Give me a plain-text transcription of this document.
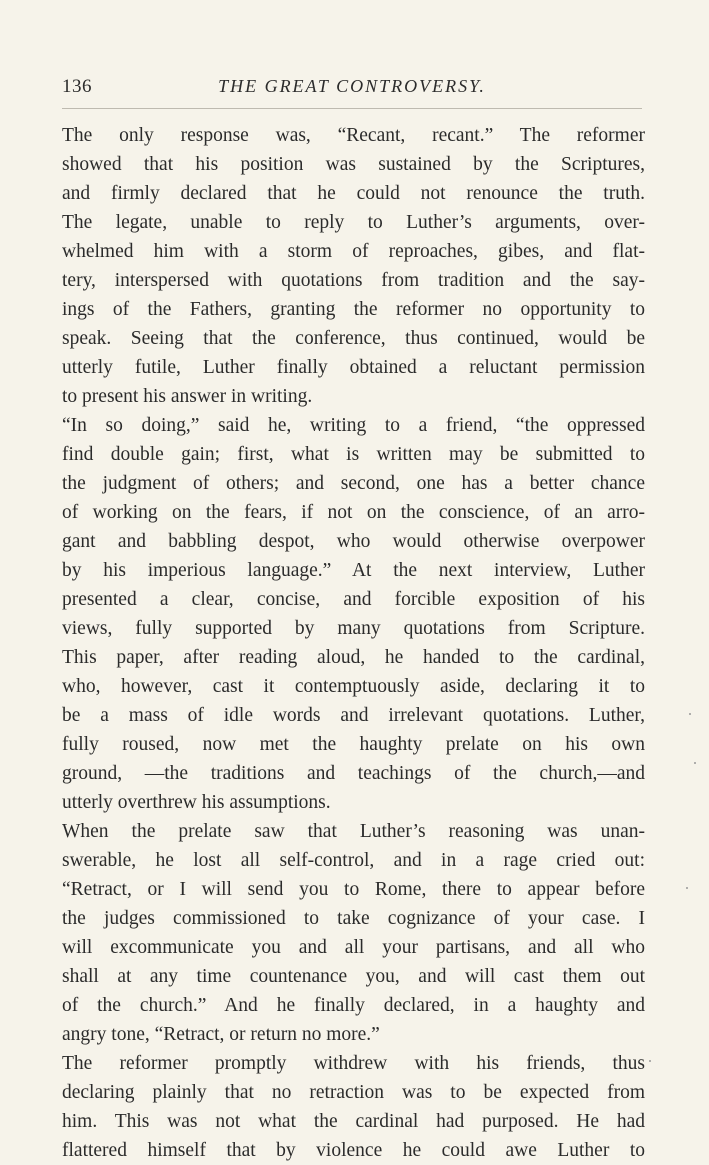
136	THE GREAT CONTROVERSY.

The only response was, “Recant, recant.” The reformer
showed that his position was sustained by the Scriptures,
and firmly declared that he could not renounce the truth.
The legate, unable to reply to Luther’s arguments, over-
whelmed him with a storm of reproaches, gibes, and flat-
tery, interspersed with quotations from tradition and the say-
ings of the Fathers, granting the reformer no opportunity to
speak. Seeing that the conference, thus continued, would be
utterly futile, Luther finally obtained a reluctant permission
to present his answer in writing.

“In so doing,” said he, writing to a friend, “the oppressed
find double gain; first, what is written may be submitted to
the judgment of others; and second, one has a better chance
of working on the fears, if not on the conscience, of an arro-
gant and babbling despot, who would otherwise overpower
by his imperious language.” At the next interview, Luther
presented a clear, concise, and forcible exposition of his
views, fully supported by many quotations from Scripture.
This paper, after reading aloud, he handed to the cardinal,
who, however, cast it contemptuously aside, declaring it to
be a mass of idle words and irrelevant quotations. Luther,
fully roused, now met the haughty prelate on his own
ground, —the traditions and teachings of the church,—and
utterly overthrew his assumptions.

When the prelate saw that Luther’s reasoning was unan-
swerable, he lost all self-control, and in a rage cried out:
“Retract, or I will send you to Rome, there to appear before
the judges commissioned to take cognizance of your case. I
will excommunicate you and all your partisans, and all who
shall at any time countenance you, and will cast them out
of the church.” And he finally declared, in a haughty and
angry tone, “Retract, or return no more.”

The reformer promptly withdrew with his friends, thus
declaring plainly that no retraction was to be expected from
him. This was not what the cardinal had purposed. He had
flattered himself that by violence he could awe Luther to
